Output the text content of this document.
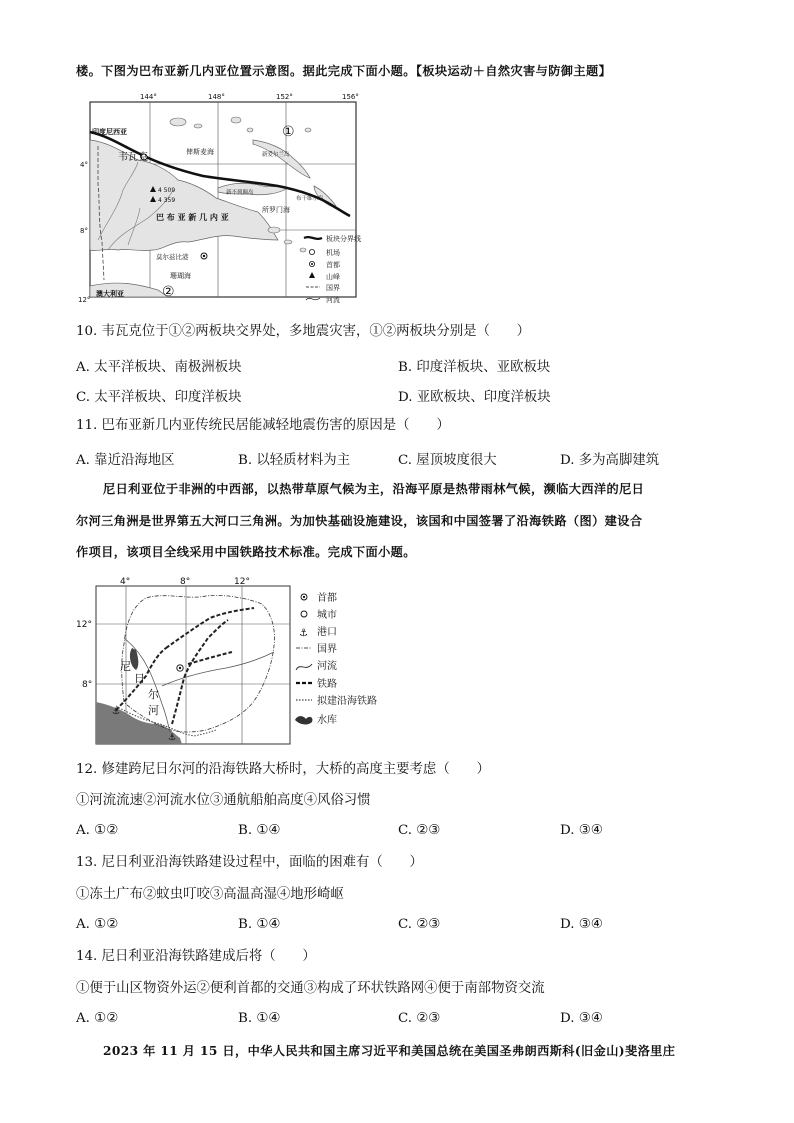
楼。下图为巴布亚新几内亚位置示意图。据此完成下面小题。【板块运动＋自然灾害与防御主题】
144°	148°	152°	156°
4°
8°
12°
印度尼西亚
韦瓦克	俾斯麦海	新爱尔兰岛
4 509
4 359
新不列颠岛
布干维尔岛
所罗门海
巴 布 亚 新 几 内 亚
莫尔兹比港
珊瑚海
澳大利亚
①
②
板块分界线
机场
首都
山峰
国界
河流
10. 韦瓦克位于①②两板块交界处，多地震灾害，①②两板块分别是（　　）
A. 太平洋板块、南极洲板块	B. 印度洋板块、亚欧板块
C. 太平洋板块、印度洋板块	D. 亚欧板块、印度洋板块
11. 巴布亚新几内亚传统民居能减轻地震伤害的原因是（　　）
A. 靠近沿海地区	B. 以轻质材料为主	C. 屋顶坡度很大	D. 多为高脚建筑
尼日利亚位于非洲的中西部，以热带草原气候为主，沿海平原是热带雨林气候，濒临大西洋的尼日
尔河三角洲是世界第五大河口三角洲。为加快基础设施建设，该国和中国签署了沿海铁路（图）建设合
作项目，该项目全线采用中国铁路技术标准。完成下面小题。
⚓
⚓
尼
日
尔
河
4°	8°	12°
12°
8°
首都
城市
⚓ 港口
国界
河流
铁路
拟建沿海铁路
水库
12. 修建跨尼日尔河的沿海铁路大桥时，大桥的高度主要考虑（　　）
①河流流速②河流水位③通航船舶高度④风俗习惯
A. ①②	B. ①④	C. ②③	D. ③④
13. 尼日利亚沿海铁路建设过程中，面临的困难有（　　）
①冻土广布②蚊虫叮咬③高温高湿④地形崎岖
A. ①②	B. ①④	C. ②③	D. ③④
14. 尼日利亚沿海铁路建成后将（　　）
①便于山区物资外运②便利首都的交通③构成了环状铁路网④便于南部物资交流
A. ①②	B. ①④	C. ②③	D. ③④
2023 年 11 月 15 日，中华人民共和国主席习近平和美国总统在美国圣弗朗西斯科(旧金山)斐洛里庄
